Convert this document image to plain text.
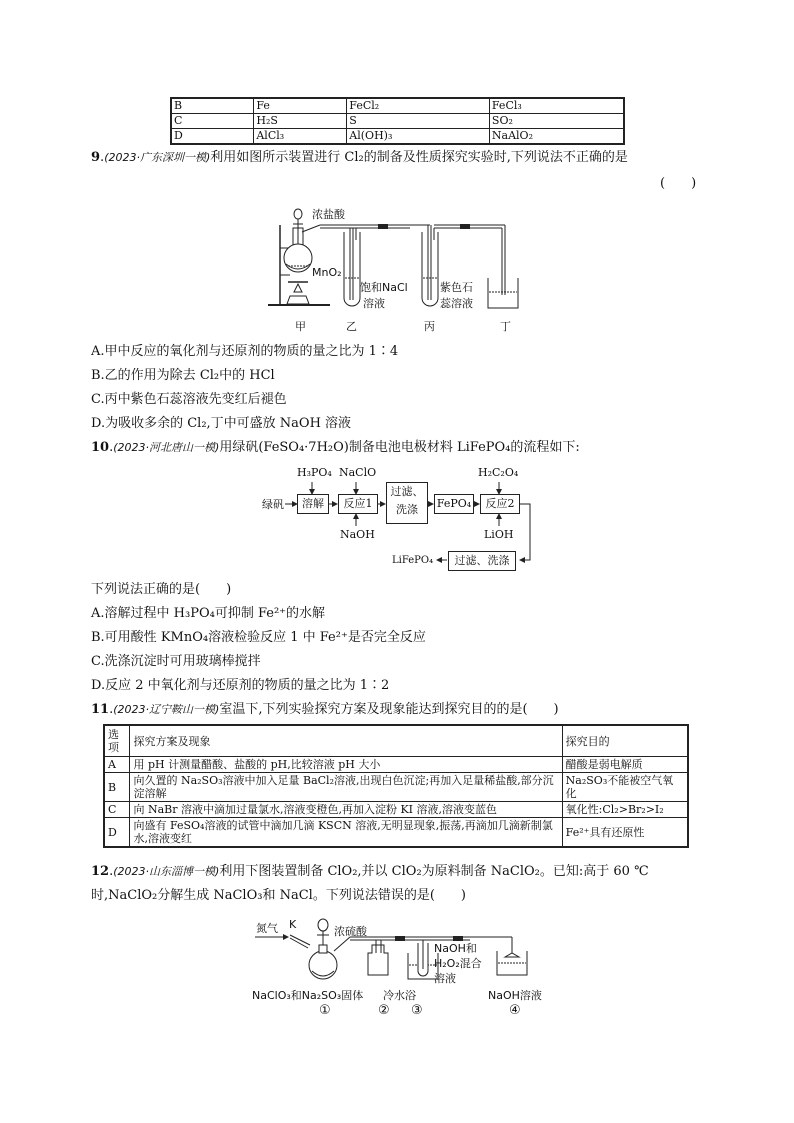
B	Fe	FeCl₂	FeCl₃
C	H₂S	S	SO₂
D	AlCl₃	Al(OH)₃	NaAlO₂
9.(2023·广东深圳一模)利用如图所示装置进行 Cl₂的制备及性质探究实验时,下列说法不正确的是
(　　)
浓盐酸
MnO₂
饱和NaCl
溶液
紫色石
蕊溶液
甲	乙	丙	丁
A.甲中反应的氧化剂与还原剂的物质的量之比为 1∶4
B.乙的作用为除去 Cl₂中的 HCl
C.丙中紫色石蕊溶液先变红后褪色
D.为吸收多余的 Cl₂,丁中可盛放 NaOH 溶液
10.(2023·河北唐山一模)用绿矾(FeSO₄·7H₂O)制备电池电极材料 LiFePO₄的流程如下:
绿矾	溶解	反应1
过滤、
洗涤	FePO₄	反应2
过滤、洗涤
LiFePO₄
H₃PO₄ NaClO
NaOH
H₂C₂O₄
LiOH
下列说法正确的是(　　)
A.溶解过程中 H₃PO₄可抑制 Fe²⁺的水解
B.可用酸性 KMnO₄溶液检验反应 1 中 Fe²⁺是否完全反应
C.洗涤沉淀时可用玻璃棒搅拌
D.反应 2 中氧化剂与还原剂的物质的量之比为 1∶2
11.(2023·辽宁鞍山一模)室温下,下列实验探究方案及现象能达到探究目的的是(　　)
选项	探究方案及现象	探究目的
A	用 pH 计测量醋酸、盐酸的 pH,比较溶液 pH 大小	醋酸是弱电解质
B	向久置的 Na₂SO₃溶液中加入足量 BaCl₂溶液,出现白色沉淀;再加入足量稀盐酸,部分沉淀溶解	Na₂SO₃不能被空气氧化
C	向 NaBr 溶液中滴加过量氯水,溶液变橙色,再加入淀粉 KI 溶液,溶液变蓝色	氧化性:Cl₂>Br₂>I₂
D	向盛有 FeSO₄溶液的试管中滴加几滴 KSCN 溶液,无明显现象,振荡,再滴加几滴新制氯水,溶液变红	Fe²⁺具有还原性
12.(2023·山东淄博一模)利用下图装置制备 ClO₂,并以 ClO₂为原料制备 NaClO₂。已知:高于 60 ℃
时,NaClO₂分解生成 NaClO₃和 NaCl。下列说法错误的是(　　)
氮气 K
浓硫酸
NaClO₃和Na₂SO₃固体 冷水浴
NaOH和
H₂O₂混合
溶液
NaOH溶液
①	② ③	④
